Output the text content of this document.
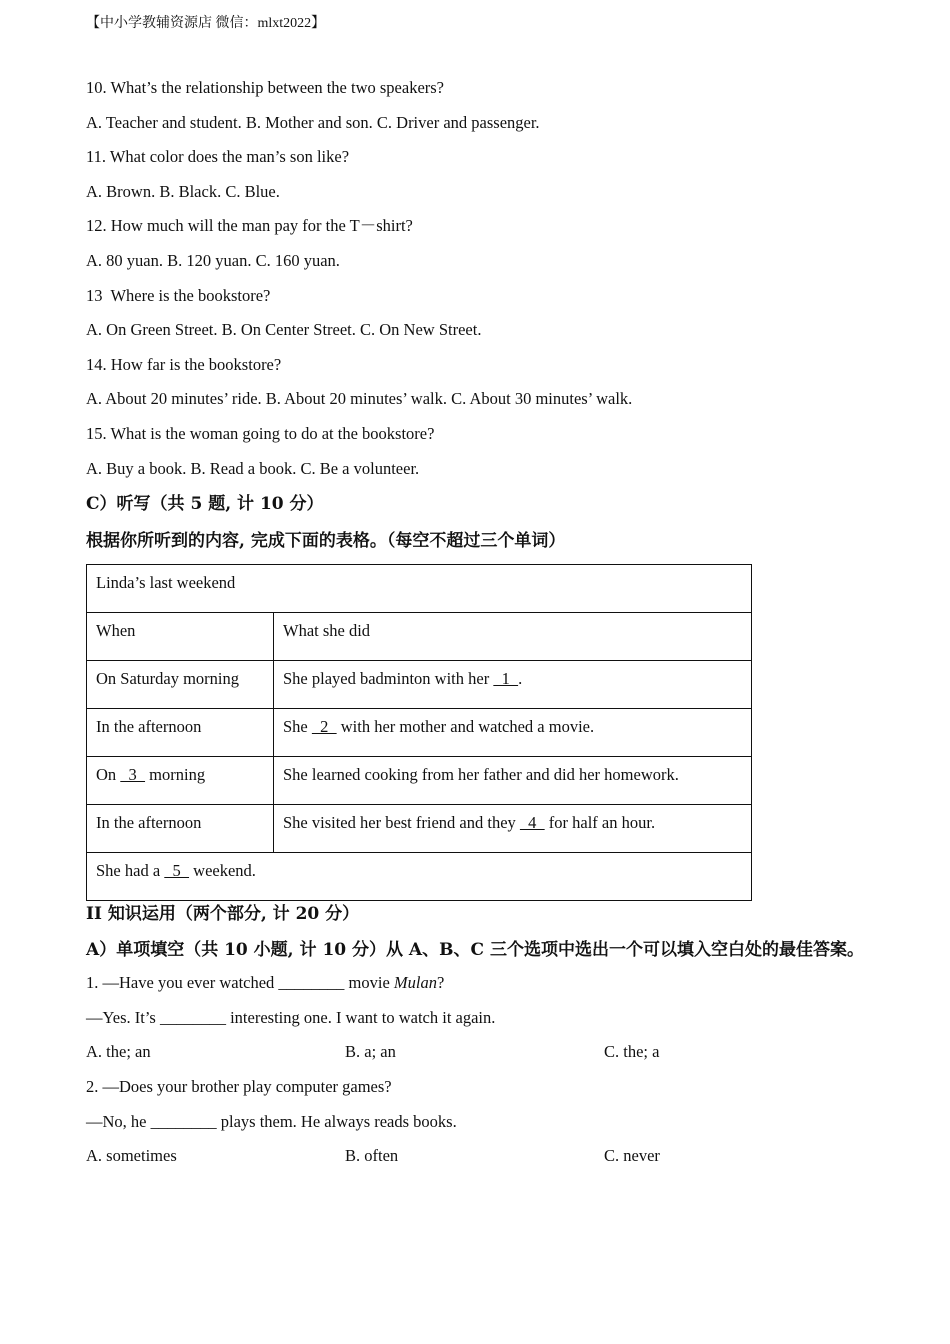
【中小学教辅资源店 微信：mlxt2022】
10. What’s the relationship between the two speakers?
A. Teacher and student. B. Mother and son. C. Driver and passenger.
11. What color does the man’s son like?
A. Brown. B. Black. C. Blue.
12. How much will the man pay for the T－shirt?
A. 80 yuan. B. 120 yuan. C. 160 yuan.
13  Where is the bookstore?
A. On Green Street. B. On Center Street. C. On New Street.
14. How far is the bookstore?
A. About 20 minutes’ ride. B. About 20 minutes’ walk. C. About 30 minutes’ walk.
15. What is the woman going to do at the bookstore?
A. Buy a book. B. Read a book. C. Be a volunteer.
C）听写（共 5 题, 计 10 分）
根据你所听到的内容, 完成下面的表格。（每空不超过三个单词）
Linda’s last weekend	
When	What she did
On Saturday morning	She played badminton with her   1  .
In the afternoon	She   2   with her mother and watched a movie.
On   3   morning	She learned cooking from her father and did her homework.
In the afternoon	She visited her best friend and they   4   for half an hour.
She had a   5   weekend.	
II 知识运用（两个部分, 计 20 分）
A）单项填空（共 10 小题, 计 10 分）从 A、B、C 三个选项中选出一个可以填入空白处的最佳答案。
1. —Have you ever watched ________ movie Mulan?
—Yes. It’s ________ interesting one. I want to watch it again.
A. the; an	B. a; an	C. the; a
2. —Does your brother play computer games?
—No, he ________ plays them. He always reads books.
A. sometimes	B. often	C. never
